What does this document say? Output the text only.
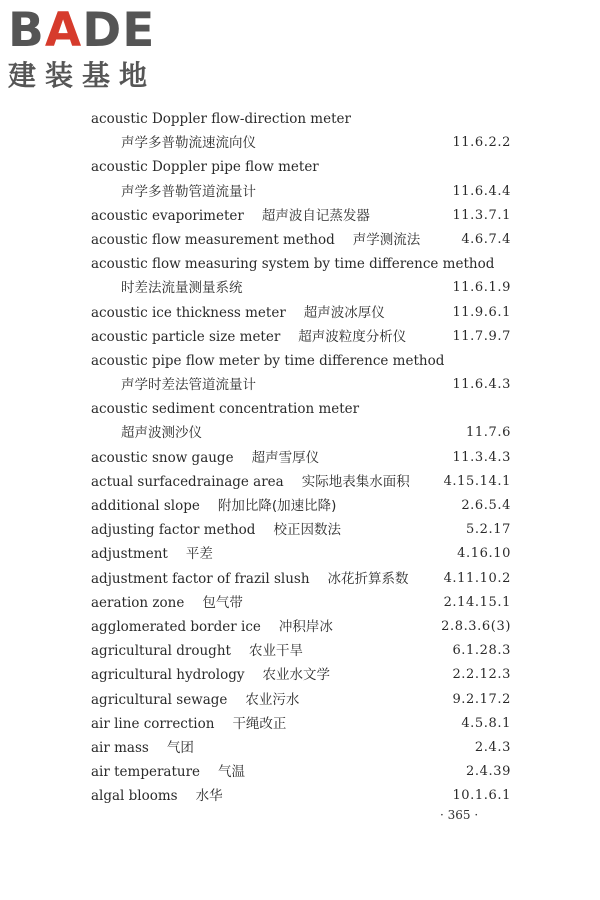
BADE
建装基地
acoustic Doppler flow-direction meter
声学多普勒流速流向仪	11.6.2.2
acoustic Doppler pipe flow meter
声学多普勒管道流量计	11.6.4.4
acoustic evaporimeter 超声波自记蒸发器	11.3.7.1
acoustic flow measurement method 声学测流法	4.6.7.4
acoustic flow measuring system by time difference method
时差法流量测量系统	11.6.1.9
acoustic ice thickness meter 超声波冰厚仪	11.9.6.1
acoustic particle size meter 超声波粒度分析仪	11.7.9.7
acoustic pipe flow meter by time difference method
声学时差法管道流量计	11.6.4.3
acoustic sediment concentration meter
超声波测沙仪	11.7.6
acoustic snow gauge 超声雪厚仪	11.3.4.3
actual surfacedrainage area 实际地表集水面积	4.15.14.1
additional slope 附加比降(加速比降)	2.6.5.4
adjusting factor method 校正因数法	5.2.17
adjustment 平差	4.16.10
adjustment factor of frazil slush 冰花折算系数	4.11.10.2
aeration zone 包气带	2.14.15.1
agglomerated border ice 冲积岸冰	2.8.3.6(3)
agricultural drought 农业干旱	6.1.28.3
agricultural hydrology 农业水文学	2.2.12.3
agricultural sewage 农业污水	9.2.17.2
air line correction 干绳改正	4.5.8.1
air mass 气团	2.4.3
air temperature 气温	2.4.39
algal blooms 水华	10.1.6.1
· 365 ·
